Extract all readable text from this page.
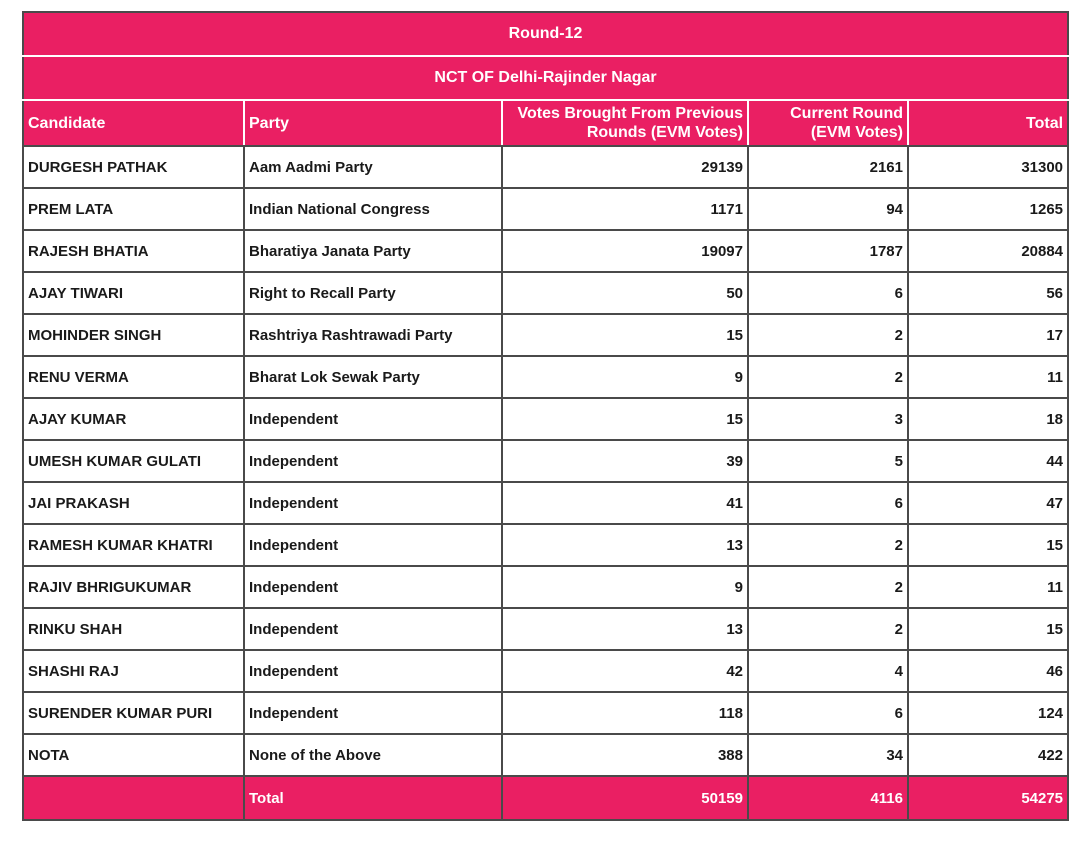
Round-12				
NCT OF Delhi-Rajinder Nagar				
Candidate	Party	Votes Brought From Previous Rounds (EVM Votes)	Current Round (EVM Votes)	Total
DURGESH PATHAK	Aam Aadmi Party	29139	2161	31300
PREM LATA	Indian National Congress	1171	94	1265
RAJESH BHATIA	Bharatiya Janata Party	19097	1787	20884
AJAY TIWARI	Right to Recall Party	50	6	56
MOHINDER SINGH	Rashtriya Rashtrawadi Party	15	2	17
RENU VERMA	Bharat Lok Sewak Party	9	2	11
AJAY KUMAR	Independent	15	3	18
UMESH KUMAR GULATI	Independent	39	5	44
JAI PRAKASH	Independent	41	6	47
RAMESH KUMAR KHATRI	Independent	13	2	15
RAJIV BHRIGUKUMAR	Independent	9	2	11
RINKU SHAH	Independent	13	2	15
SHASHI RAJ	Independent	42	4	46
SURENDER KUMAR PURI	Independent	118	6	124
NOTA	None of the Above	388	34	422
	Total	50159	4116	54275
